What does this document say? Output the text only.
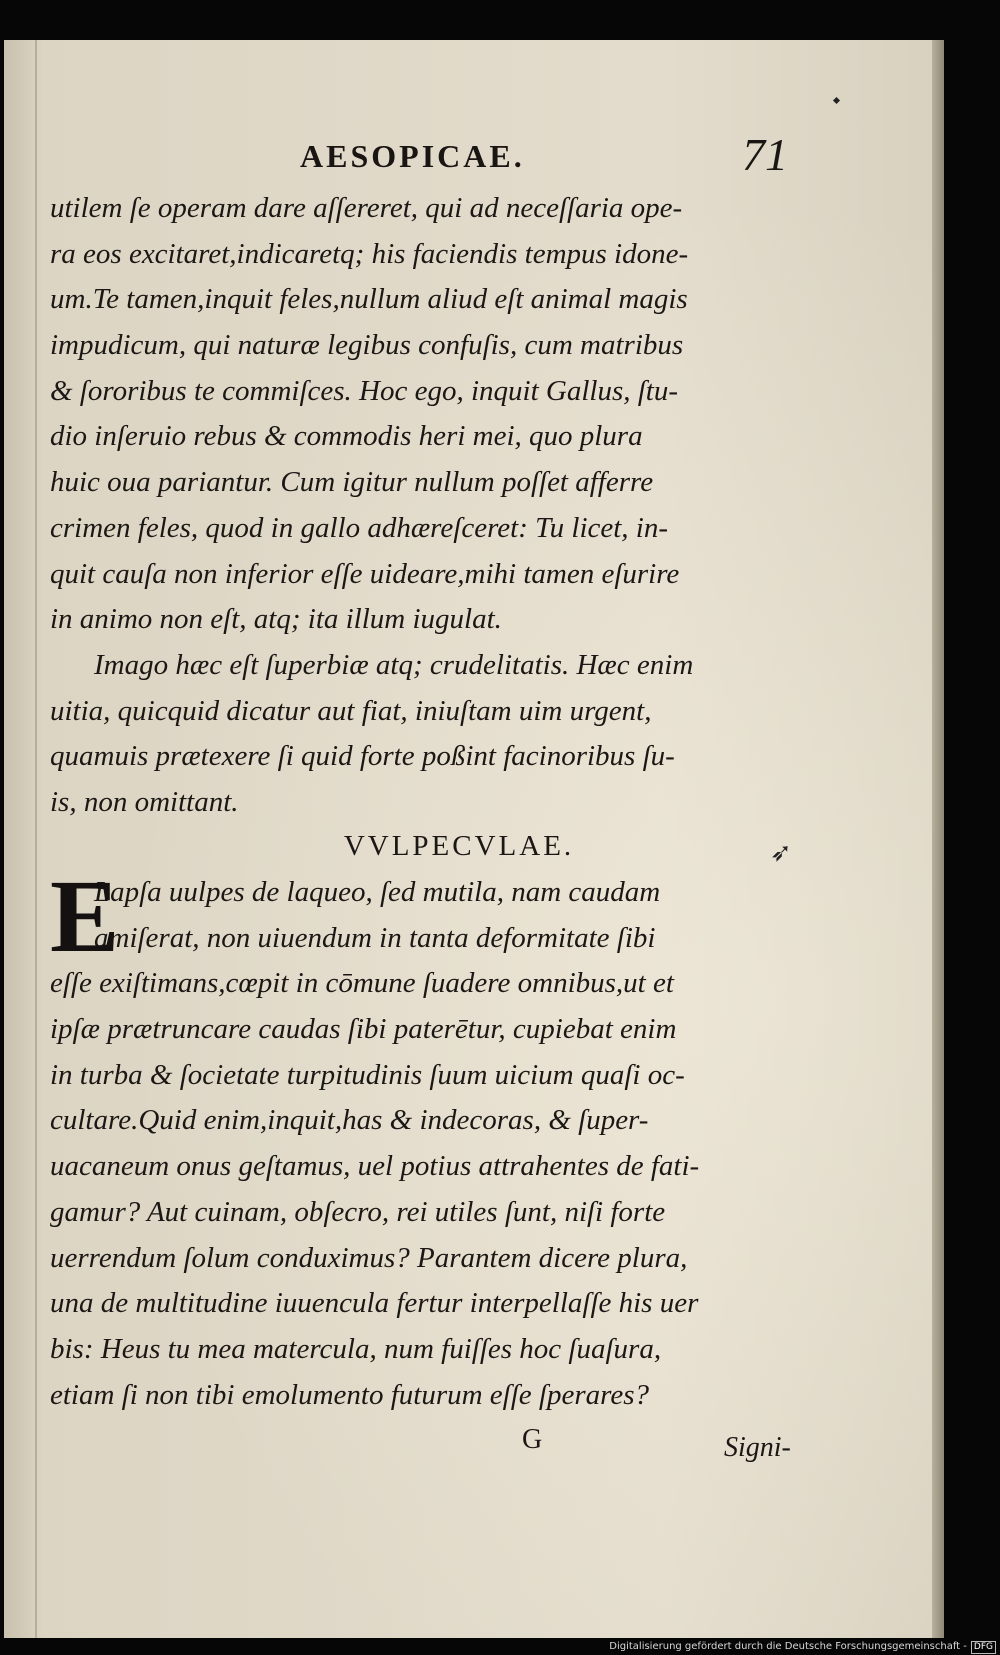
AESOPICAE.	71
utilem ſe operam dare aſſereret, qui ad neceſſaria ope-
ra eos excitaret,indicaretq; his faciendis tempus idone-
um.Te tamen,inquit feles,nullum aliud eſt animal magis
impudicum, qui naturæ legibus confuſis, cum matribus
& ſororibus te commiſces. Hoc ego, inquit Gallus, ſtu-
dio inſeruio rebus & commodis heri mei, quo plura
huic oua pariantur. Cum igitur nullum poſſet afferre
crimen feles, quod in gallo adhæreſceret: Tu licet, in-
quit cauſa non inferior eſſe uideare,mihi tamen eſurire
in animo non eſt, atq; ita illum iugulat.
Imago hæc eſt ſuperbiæ atq; crudelitatis. Hæc enim
uitia, quicquid dicatur aut fiat, iniuſtam uim urgent,
quamuis prætexere ſi quid forte poßint facinoribus ſu-
is, non omittant.
VVLPECVLAE.	➶
E
Lapſa uulpes de laqueo, ſed mutila, nam caudam
amiſerat, non uiuendum in tanta deformitate ſibi
eſſe exiſtimans,cœpit in cōmune ſuadere omnibus,ut et
ipſæ prætruncare caudas ſibi paterētur, cupiebat enim
in turba & ſocietate turpitudinis ſuum uicium quaſi oc-
cultare.Quid enim,inquit,has & indecoras, & ſuper-
uacaneum onus geſtamus, uel potius attrahentes de fati-
gamur? Aut cuinam, obſecro, rei utiles ſunt, niſi forte
uerrendum ſolum conduximus? Parantem dicere plura,
una de multitudine iuuencula fertur interpellaſſe his uer
bis: Heus tu mea matercula, num fuiſſes hoc ſuaſura,
etiam ſi non tibi emolumento futurum eſſe ſperares?
G	Signi-
Digitalisierung gefördert durch die Deutsche Forschungsgemeinschaft - DFG
